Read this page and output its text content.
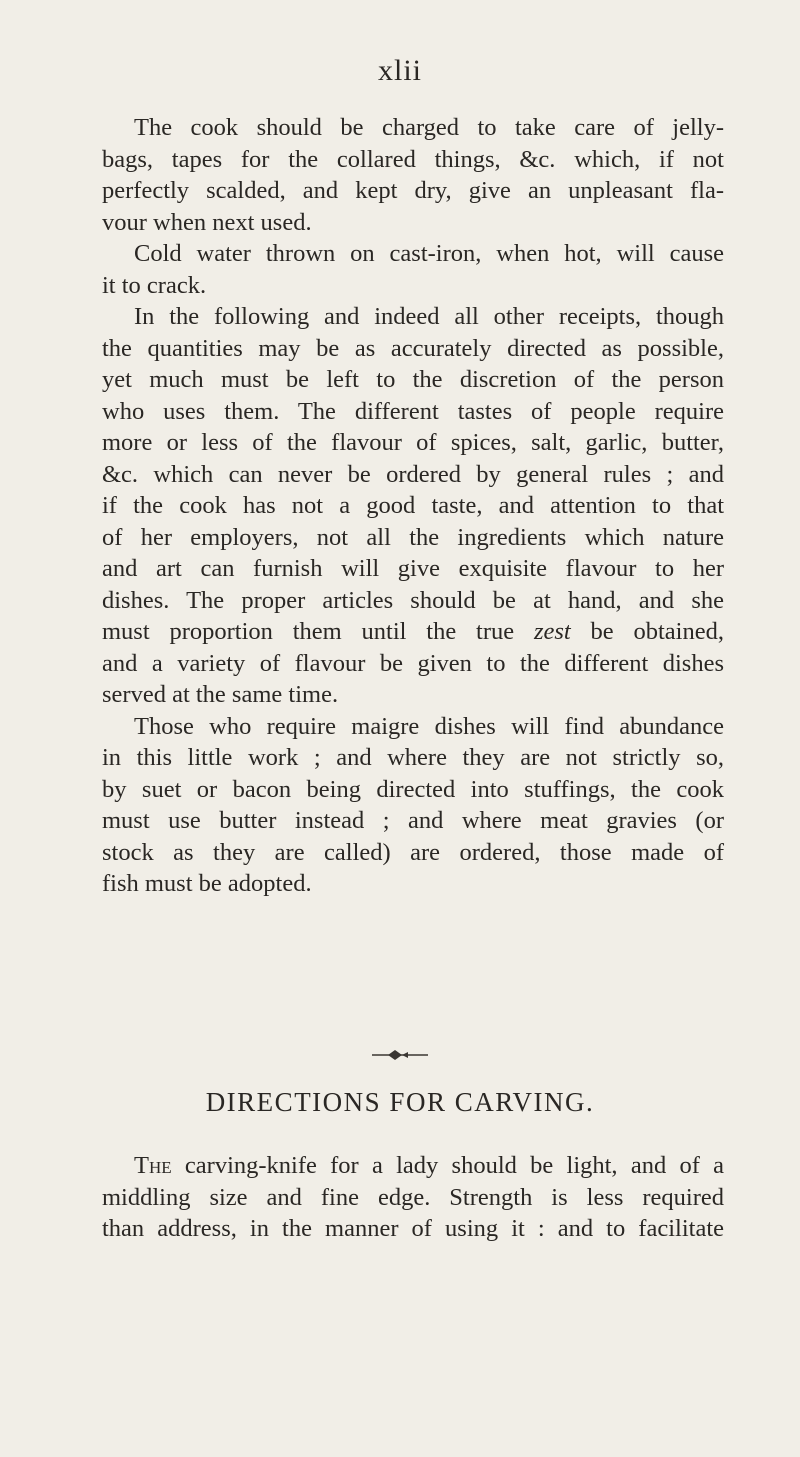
xlii
The cook should be charged to take care of jelly-
bags, tapes for the collared things, &c. which, if not
perfectly scalded, and kept dry, give an unpleasant fla-
vour when next used.
Cold water thrown on cast-iron, when hot, will cause
it to crack.
In the following and indeed all other receipts, though
the quantities may be as accurately directed as possible,
yet much must be left to the discretion of the person
who uses them. The different tastes of people require
more or less of the flavour of spices, salt, garlic, butter,
&c. which can never be ordered by general rules ; and
if the cook has not a good taste, and attention to that
of her employers, not all the ingredients which nature
and art can furnish will give exquisite flavour to her
dishes. The proper articles should be at hand, and she
must proportion them until the true zest be obtained,
and a variety of flavour be given to the different dishes
served at the same time.
Those who require maigre dishes will find abundance
in this little work ; and where they are not strictly so,
by suet or bacon being directed into stuffings, the cook
must use butter instead ; and where meat gravies (or
stock as they are called) are ordered, those made of
fish must be adopted.
DIRECTIONS FOR CARVING.
The carving-knife for a lady should be light, and of a
middling size and fine edge. Strength is less required
than address, in the manner of using it : and to facilitate
